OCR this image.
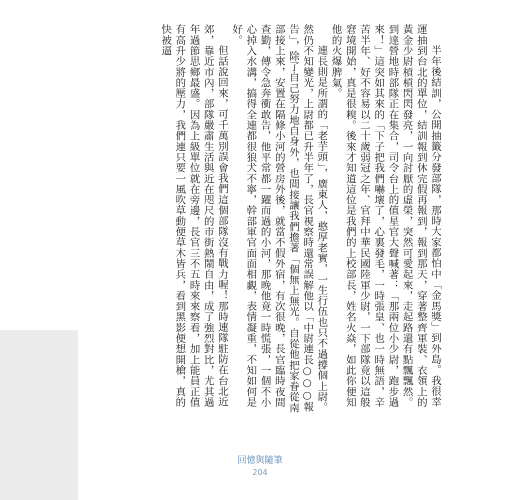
半年後結訓，公開抽籤分發部隊，那時大家都怕中「金馬獎」到外島。我很幸運抽到台北的單位，結訓報到休完假再報到，報到那天，穿著整齊軍裝、衣領上的黃金少尉槓槓閃閃發亮，一向討厭的虛榮，突然可愛起來，走起路還有點飄飄然。到達營地時部隊正在集合，司令台上的值星官大聲喊著：「那兩位小少尉，跑步過來！」這突如其來的「下子把我們嚇壞了，心裏發毛，一時張皇、也一時無語，辛苦半年、好不容易以二十歲弱冠之年、官拜中華民國陸軍少尉，一下部隊竟以這般窘境開始，真是很糗。後來才知道這位是我們的上校部長，姓名火焱，如此你便知他的火爆脾氣。

連長則是所謂的「老芋頭」，廣東人，憨厚老實，一生行伍也只不過撐個上尉。然仍不知變光，上尉都已升半年了，長官視察時還常誤解他以「中尉連長○○○報告」，除了自己努力地自身外，也間接讓我們擔著「個無上無光。自從他把家眷從南部接上來，安置在隔條小河的營房外後，就當不假外宿，有次很晚，長官臨時夜間查勤，傳令急奔衝敢告，他平常都一躍而過的小河，那晚他竟一時慌張，一個不小心掉入水溝，搞得全連都很狼犬不寧，幹部軍官面面相覷，表情凝重，不知如何是好。

但話說回來，可千萬別誤會我們這個部隊沒有戰力喔！那時連隊駐防在台北近郊，靠近市內，部隊嚴肅生活與近在咫尺的市街熱鬧自由，成了強烈對比，尤其過年過節思鄉最盛。因為上級單位就在旁邊，長官三不五時來來察看，加上能員正值有高升少將的壓力，我們連只要一風吹草動便草木皆兵，看到黑影便想開槍，真的快被逼

回憶與隨筆
204
